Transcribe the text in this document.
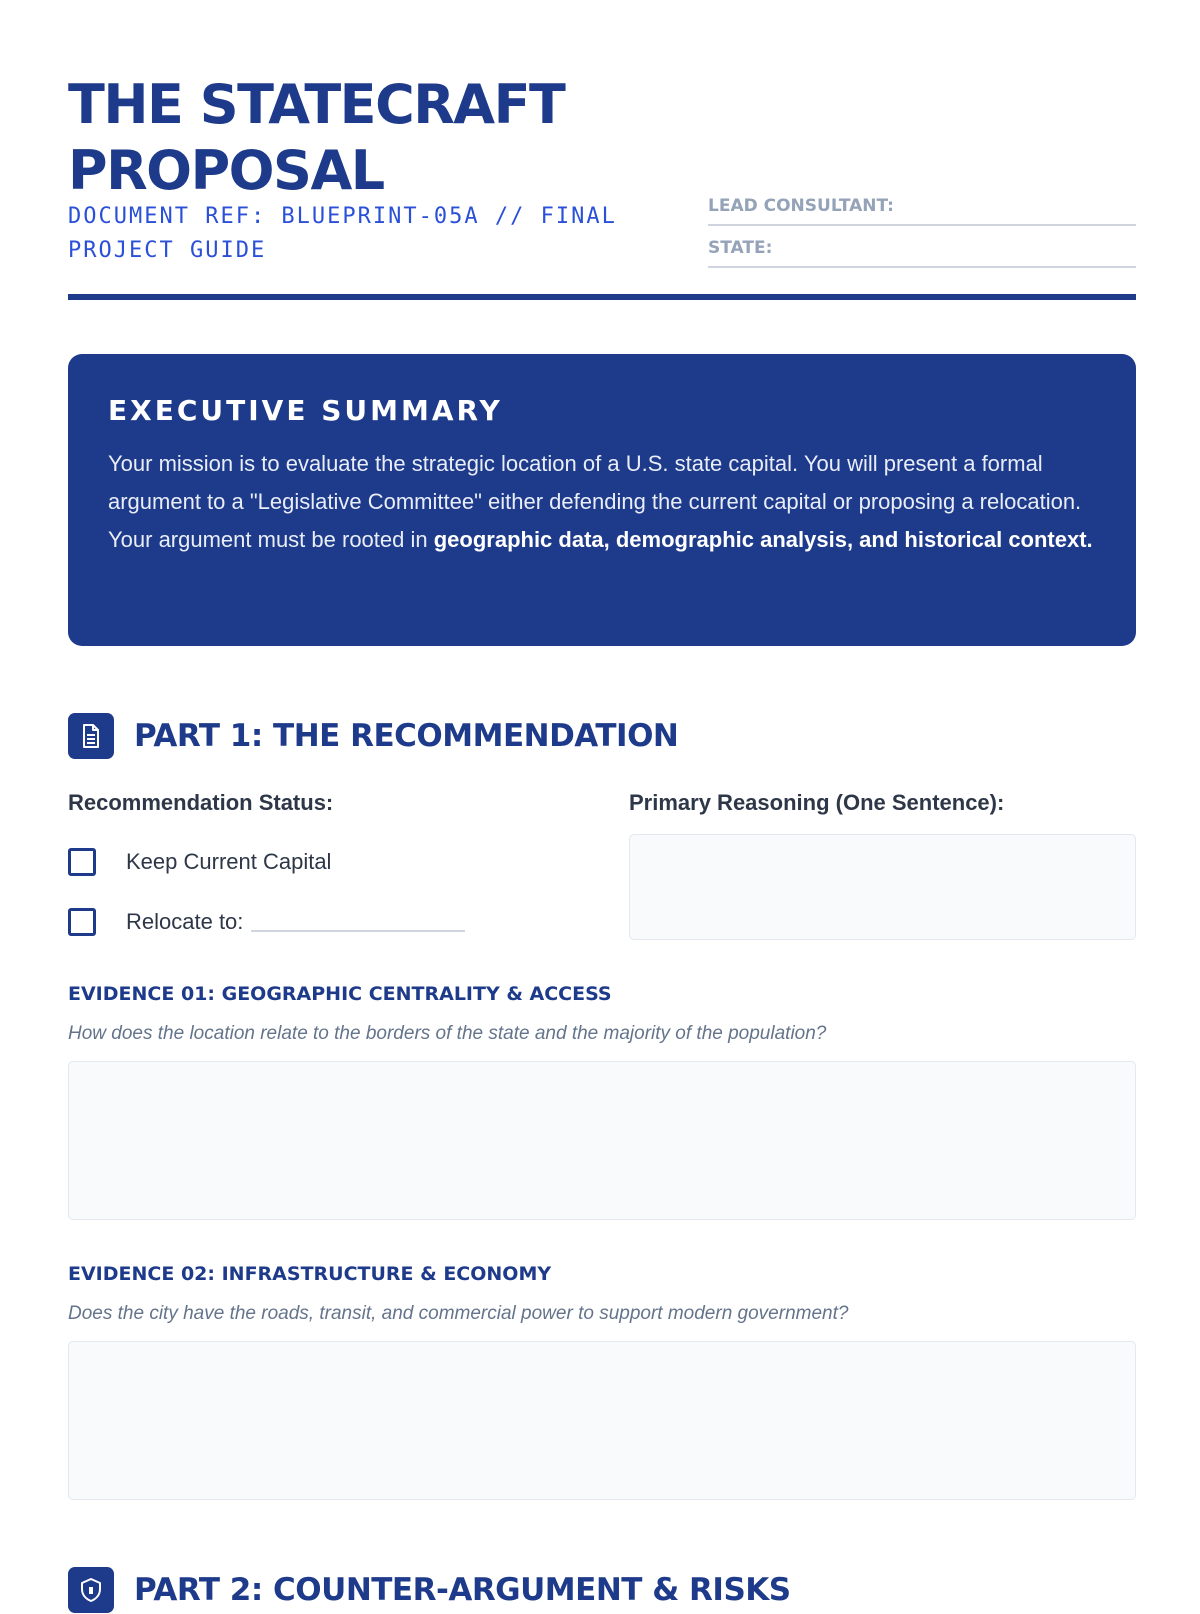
THE STATECRAFT
PROPOSAL
DOCUMENT REF: BLUEPRINT-05A // FINAL PROJECT GUIDE
LEAD CONSULTANT:
STATE:
EXECUTIVE SUMMARY

Your mission is to evaluate the strategic location of a U.S. state capital. You will present a formal argument to a "Legislative Committee" either defending the current capital or proposing a relocation. Your argument must be rooted in geographic data, demographic analysis, and historical context.

PART 1: THE RECOMMENDATION
Recommendation Status:
Keep Current Capital
Relocate to:
Primary Reasoning (One Sentence):
EVIDENCE 01: GEOGRAPHIC CENTRALITY & ACCESS
How does the location relate to the borders of the state and the majority of the population?
EVIDENCE 02: INFRASTRUCTURE & ECONOMY
Does the city have the roads, transit, and commercial power to support modern government?
PART 2: COUNTER-ARGUMENT & RISKS
